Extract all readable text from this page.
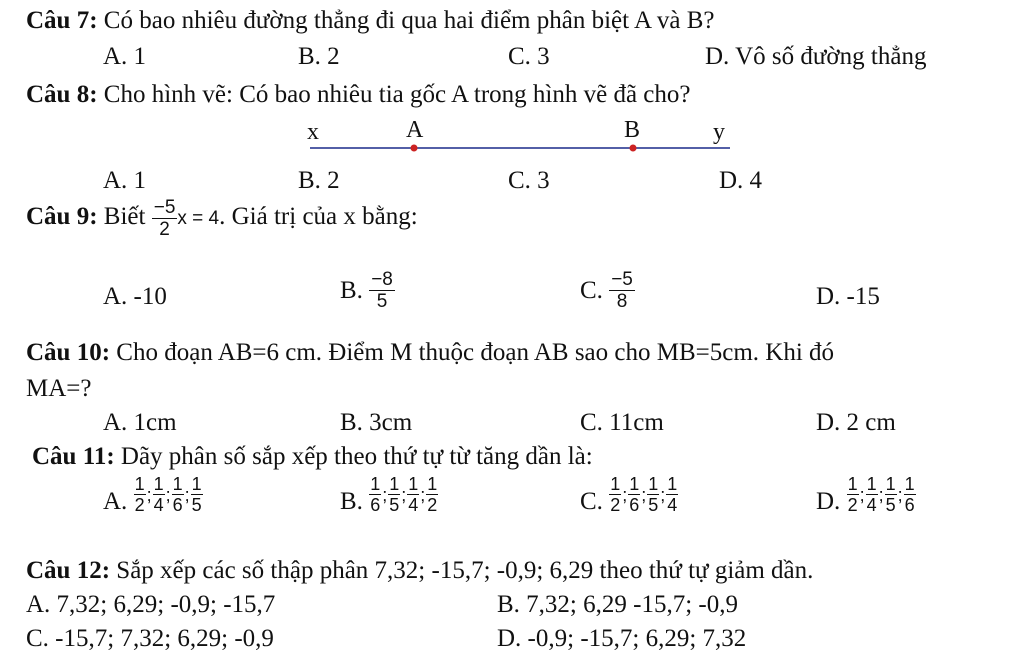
Câu 7: Có bao nhiêu đường thẳng đi qua hai điểm phân biệt A và B?
A. 1	B. 2	C. 3	D. Vô số đường thẳng
Câu 8: Cho hình vẽ: Có bao nhiêu tia gốc A trong hình vẽ đã cho?
x	A	B	y
A. 1	B. 2	C. 3	D. 4
Câu 9: Biết $\frac{-5}{2}$ x = 4. Giá trị của x bằng:
A. -10	B. $\frac{-8}{5}$	C. $\frac{-5}{8}$	D. -15
Câu 10: Cho đoạn AB=6 cm. Điểm M thuộc đoạn AB sao cho MB=5cm. Khi đó
MA=?
A. 1cm	B. 3cm	C. 11cm	D. 2 cm
Câu 11: Dãy phân số sắp xếp theo thứ tự từ tăng dần là:
A. $\frac{1}{2}$ ; $\frac{1}{4}$ ; $\frac{1}{6}$ ; $\frac{1}{5}$	B. $\frac{1}{6}$ ; $\frac{1}{5}$ ; $\frac{1}{4}$ ; $\frac{1}{2}$	C. $\frac{1}{2}$ ; $\frac{1}{6}$ ; $\frac{1}{5}$ ; $\frac{1}{4}$	D. $\frac{1}{2}$ ; $\frac{1}{4}$ ; $\frac{1}{5}$ ; $\frac{1}{6}$
Câu 12: Sắp xếp các số thập phân 7,32; -15,7; -0,9; 6,29 theo thứ tự giảm dần.
A. 7,32; 6,29; -0,9; -15,7	B. 7,32; 6,29 -15,7; -0,9
C. -15,7; 7,32; 6,29; -0,9	D. -0,9; -15,7; 6,29; 7,32
